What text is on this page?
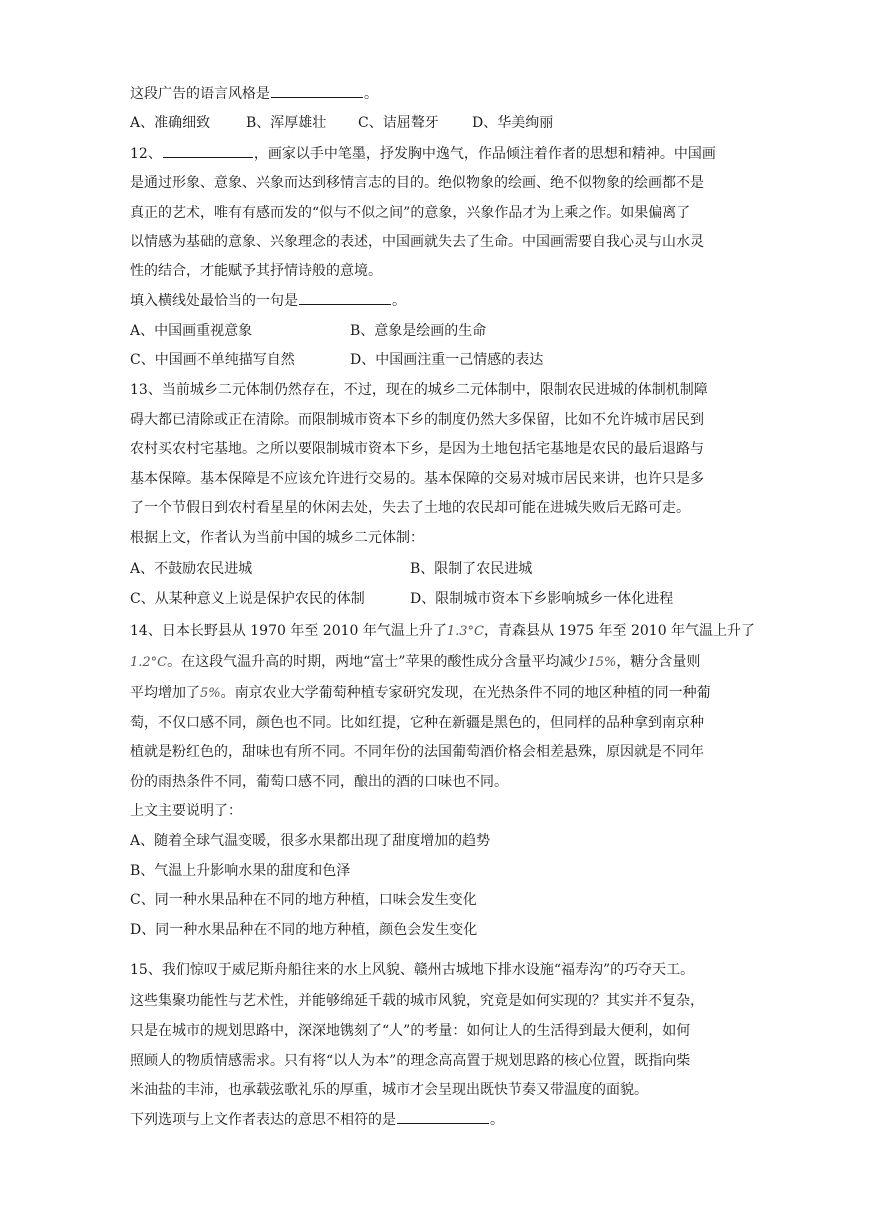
这段广告的语言风格是	。
A、准确细致	B、浑厚雄壮 C、诘屈聱牙 D、华美绚丽
12、	，画家以手中笔墨，抒发胸中逸气，作品倾注着作者的思想和精神。中国画
是通过形象、意象、兴象而达到移情言志的目的。绝似物象的绘画、绝不似物象的绘画都不是
真正的艺术，唯有有感而发的“似与不似之间”的意象，兴象作品才为上乘之作。如果偏离了
以情感为基础的意象、兴象理念的表述，中国画就失去了生命。中国画需要自我心灵与山水灵
性的结合，才能赋予其抒情诗般的意境。
填入横线处最恰当的一句是	。
A、中国画重视意象	B、意象是绘画的生命
C、中国画不单纯描写自然	D、中国画注重一己情感的表达
13、当前城乡二元体制仍然存在，不过，现在的城乡二元体制中，限制农民进城的体制机制障
碍大都已清除或正在清除。而限制城市资本下乡的制度仍然大多保留，比如不允许城市居民到
农村买农村宅基地。之所以要限制城市资本下乡，是因为土地包括宅基地是农民的最后退路与
基本保障。基本保障是不应该允许进行交易的。基本保障的交易对城市居民来讲，也许只是多
了一个节假日到农村看星星的休闲去处，失去了土地的农民却可能在进城失败后无路可走。
根据上文，作者认为当前中国的城乡二元体制：
A、不鼓励农民进城	B、限制了农民进城
C、从某种意义上说是保护农民的体制	D、限制城市资本下乡影响城乡一体化进程
14、日本长野县从 1970 年至 2010 年气温上升了1.3°C，青森县从 1975 年至 2010 年气温上升了
1.2°C。在这段气温升高的时期，两地“富士”苹果的酸性成分含量平均减少15%，糖分含量则
平均增加了5%。南京农业大学葡萄种植专家研究发现，在光热条件不同的地区种植的同一种葡
萄，不仅口感不同，颜色也不同。比如红提，它种在新疆是黑色的，但同样的品种拿到南京种
植就是粉红色的，甜味也有所不同。不同年份的法国葡萄酒价格会相差悬殊，原因就是不同年
份的雨热条件不同，葡萄口感不同，酿出的酒的口味也不同。
上文主要说明了：
A、随着全球气温变暖，很多水果都出现了甜度增加的趋势
B、气温上升影响水果的甜度和色泽
C、同一种水果品种在不同的地方种植，口味会发生变化
D、同一种水果品种在不同的地方种植，颜色会发生变化
15、我们惊叹于威尼斯舟船往来的水上风貌、赣州古城地下排水设施“福寿沟”的巧夺天工。
这些集聚功能性与艺术性，并能够绵延千载的城市风貌，究竟是如何实现的？其实并不复杂，
只是在城市的规划思路中，深深地镌刻了“人”的考量：如何让人的生活得到最大便利，如何
照顾人的物质情感需求。只有将“以人为本”的理念高高置于规划思路的核心位置，既指向柴
米油盐的丰沛，也承载弦歌礼乐的厚重，城市才会呈现出既快节奏又带温度的面貌。
下列选项与上文作者表达的意思不相符的是	。
